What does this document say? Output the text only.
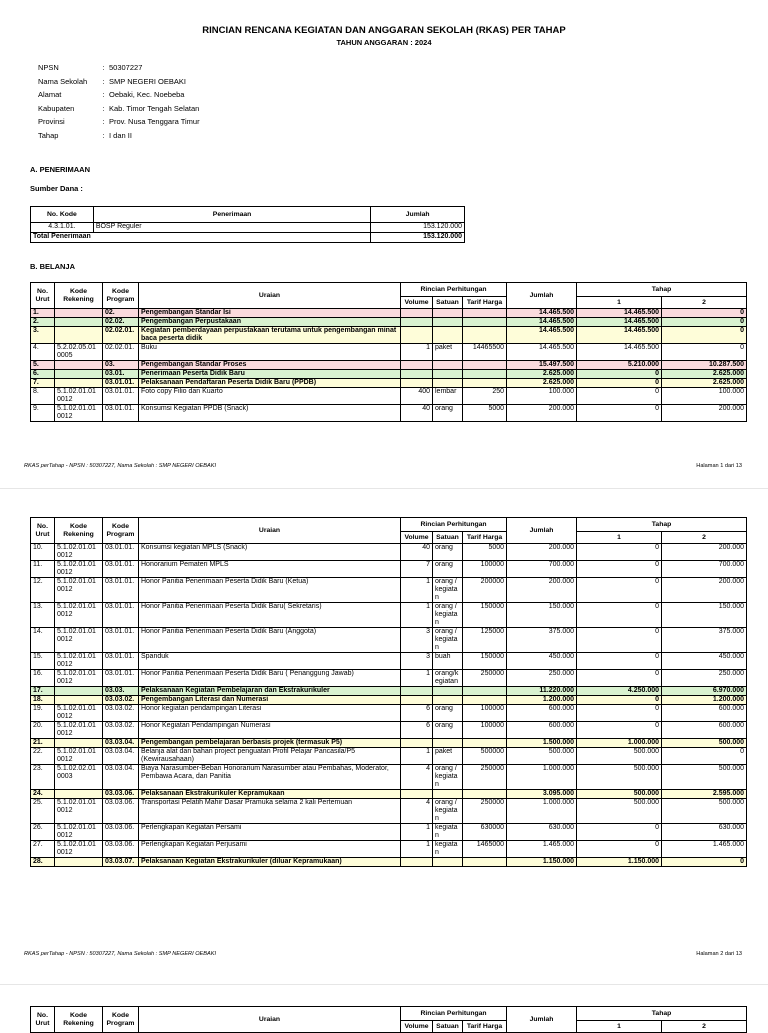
RINCIAN RENCANA KEGIATAN DAN ANGGARAN SEKOLAH (RKAS) PER TAHAP
TAHUN ANGGARAN : 2024
NPSN	:	50307227
Nama Sekolah	:	SMP NEGERI OEBAKI
Alamat	:	Oebaki, Kec. Noebeba
Kabupaten	:	Kab. Timor Tengah Selatan
Provinsi	:	Prov. Nusa Tenggara Timur
Tahap	:	I dan II
A. PENERIMAAN
Sumber Dana :
No. Kode	Penerimaan	Jumlah
4.3.1.01.	BOSP Reguler	153.120.000
Total Penerimaan		153.120.000
B. BELANJA
No. Urut	Kode Rekening	Kode Program	Uraian	Rincian Perhitungan			Jumlah	Tahap	
				Volume	Satuan	Tarif Harga		1	2
1.		02.	Pengembangan Standar Isi				14.465.500	14.465.500	0
2.		02.02.	Pengembangan Perpustakaan				14.465.500	14.465.500	0
3.		02.02.01.	Kegiatan pemberdayaan perpustakaan terutama untuk pengembangan minat baca peserta didik				14.465.500	14.465.500	0
4.	5.2.02.05.01 0005	02.02.01.	Buku	1	paket	14465500	14.465.500	14.465.500	0
5.		03.	Pengembangan Standar Proses				15.497.500	5.210.000	10.287.500
6.		03.01.	Penerimaan Peserta Didik Baru				2.625.000	0	2.625.000
7.		03.01.01.	Pelaksanaan Pendaftaran Peserta Didik Baru (PPDB)				2.625.000	0	2.625.000
8.	5.1.02.01.01 0012	03.01.01.	Foto copy Filio dan Kuarto	400	lembar	250	100.000	0	100.000
9.	5.1.02.01.01 0012	03.01.01.	Konsumsi Kegiatan PPDB (Snack)	40	orang	5000	200.000	0	200.000
RKAS perTahap - NPSN : 50307227, Nama Sekolah : SMP NEGERI OEBAKI	Halaman 1 dari 13
No. Urut	Kode Rekening	Kode Program	Uraian	Rincian Perhitungan			Jumlah	Tahap	
				Volume	Satuan	Tarif Harga		1	2
10.	5.1.02.01.01 0012	03.01.01.	Konsumsi kegiatan MPLS (Snack)	40	orang	5000	200.000	0	200.000
11.	5.1.02.01.01 0012	03.01.01.	Honorarium Pemateri MPLS	7	orang	100000	700.000	0	700.000
12.	5.1.02.01.01 0012	03.01.01.	Honor Panitia Penerimaan Peserta Didik Baru (Ketua)	1	orang / kegiata n	200000	200.000	0	200.000
13.	5.1.02.01.01 0012	03.01.01.	Honor Panitia Penerimaan Peserta Didik Baru( Sekretaris)	1	orang / kegiata n	150000	150.000	0	150.000
14.	5.1.02.01.01 0012	03.01.01.	Honor Panitia Penerimaan Peserta Didik Baru (Anggota)	3	orang / kegiata n	125000	375.000	0	375.000
15.	5.1.02.01.01 0012	03.01.01.	Spanduk	3	buah	150000	450.000	0	450.000
16.	5.1.02.01.01 0012	03.01.01.	Honor Panitia Penerimaan Peserta Didik Baru ( Penanggung Jawab)	1	orang/k egiatan	250000	250.000	0	250.000
17.		03.03.	Pelaksanaan Kegiatan Pembelajaran dan Ekstrakurikuler				11.220.000	4.250.000	6.970.000
18.		03.03.02.	Pengembangan Literasi dan Numerasi				1.200.000	0	1.200.000
19.	5.1.02.01.01 0012	03.03.02.	Honor kegiatan pendampingan Literasi	6	orang	100000	600.000	0	600.000
20.	5.1.02.01.01 0012	03.03.02.	Honor Kegiatan Pendampingan Numerasi	6	orang	100000	600.000	0	600.000
21.		03.03.04.	Pengembangan pembelajaran berbasis projek (termasuk P5)				1.500.000	1.000.000	500.000
22.	5.1.02.01.01 0012	03.03.04.	Belanja alat dan bahan project penguatan Profil Pelajar Pancasila/P5 (Kewirausahaan)	1	paket	500000	500.000	500.000	0
23.	5.1.02.02.01 0003	03.03.04.	Biaya Narasumber-Beban Honorarium Narasumber atau Pembahas, Moderator, Pembawa Acara, dan Panitia	4	orang / kegiata n	250000	1.000.000	500.000	500.000
24.		03.03.06.	Pelaksanaan Ekstrakurikuler Kepramukaan				3.095.000	500.000	2.595.000
25.	5.1.02.01.01 0012	03.03.06.	Transportasi Pelatih Mahir Dasar Pramuka selama 2 kali Pertemuan	4	orang / kegiata n	250000	1.000.000	500.000	500.000
26.	5.1.02.01.01 0012	03.03.06.	Perlengkapan Kegiatan Persami	1	kegiata n	630000	630.000	0	630.000
27.	5.1.02.01.01 0012	03.03.06.	Perlengkapan Kegiatan Perjusami	1	kegiata n	1465000	1.465.000	0	1.465.000
28.		03.03.07.	Pelaksanaan Kegiatan Ekstrakurikuler (diluar Kepramukaan)				1.150.000	1.150.000	0
RKAS perTahap - NPSN : 50307227, Nama Sekolah : SMP NEGERI OEBAKI	Halaman 2 dari 13
No. Urut	Kode Rekening	Kode Program	Uraian	Rincian Perhitungan			Jumlah	Tahap	
				Volume	Satuan	Tarif Harga		1	2
